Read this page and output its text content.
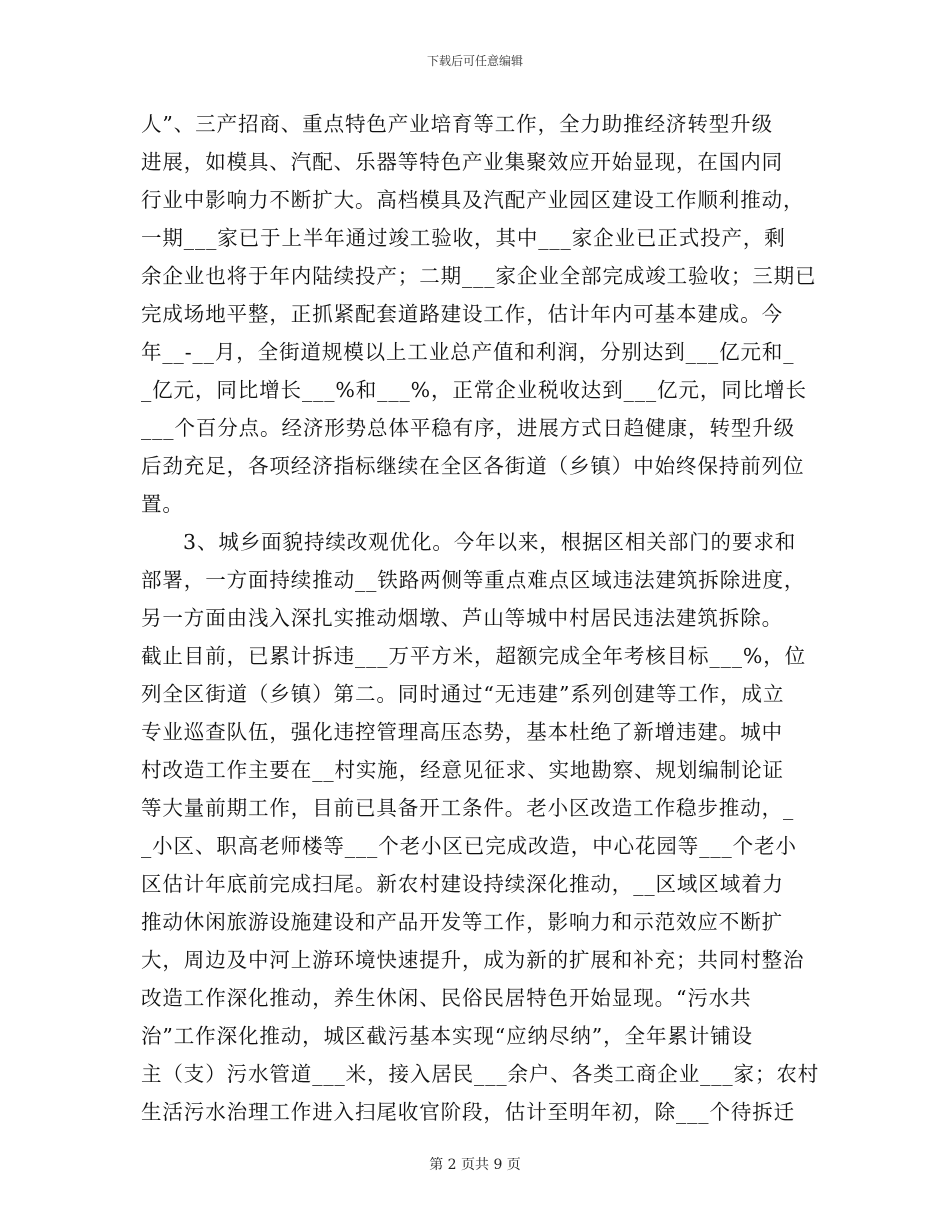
下载后可任意编辑
人”、三产招商、重点特色产业培育等工作，全力助推经济转型升级
进展，如模具、汽配、乐器等特色产业集聚效应开始显现，在国内同
行业中影响力不断扩大。高档模具及汽配产业园区建设工作顺利推动，
一期___家已于上半年通过竣工验收，其中___家企业已正式投产，剩
余企业也将于年内陆续投产；二期___家企业全部完成竣工验收；三期已
完成场地平整，正抓紧配套道路建设工作，估计年内可基本建成。今
年__-__月，全街道规模以上工业总产值和利润，分别达到___亿元和_
_亿元，同比增长___%和___%，正常企业税收达到___亿元，同比增长
___个百分点。经济形势总体平稳有序，进展方式日趋健康，转型升级
后劲充足，各项经济指标继续在全区各街道（乡镇）中始终保持前列位
置。
3、城乡面貌持续改观优化。今年以来，根据区相关部门的要求和
部署，一方面持续推动__铁路两侧等重点难点区域违法建筑拆除进度，
另一方面由浅入深扎实推动烟墩、芦山等城中村居民违法建筑拆除。
截止目前，已累计拆违___万平方米，超额完成全年考核目标___%，位
列全区街道（乡镇）第二。同时通过“无违建”系列创建等工作，成立
专业巡查队伍，强化违控管理高压态势，基本杜绝了新增违建。城中
村改造工作主要在__村实施，经意见征求、实地勘察、规划编制论证
等大量前期工作，目前已具备开工条件。老小区改造工作稳步推动，_
_小区、职高老师楼等___个老小区已完成改造，中心花园等___个老小
区估计年底前完成扫尾。新农村建设持续深化推动，__区域区域着力
推动休闲旅游设施建设和产品开发等工作，影响力和示范效应不断扩
大，周边及中河上游环境快速提升，成为新的扩展和补充；共同村整治
改造工作深化推动，养生休闲、民俗民居特色开始显现。“污水共
治”工作深化推动，城区截污基本实现“应纳尽纳”，全年累计铺设
主（支）污水管道___米，接入居民___余户、各类工商企业___家；农村
生活污水治理工作进入扫尾收官阶段，估计至明年初，除___个待拆迁
第 2 页共 9 页
